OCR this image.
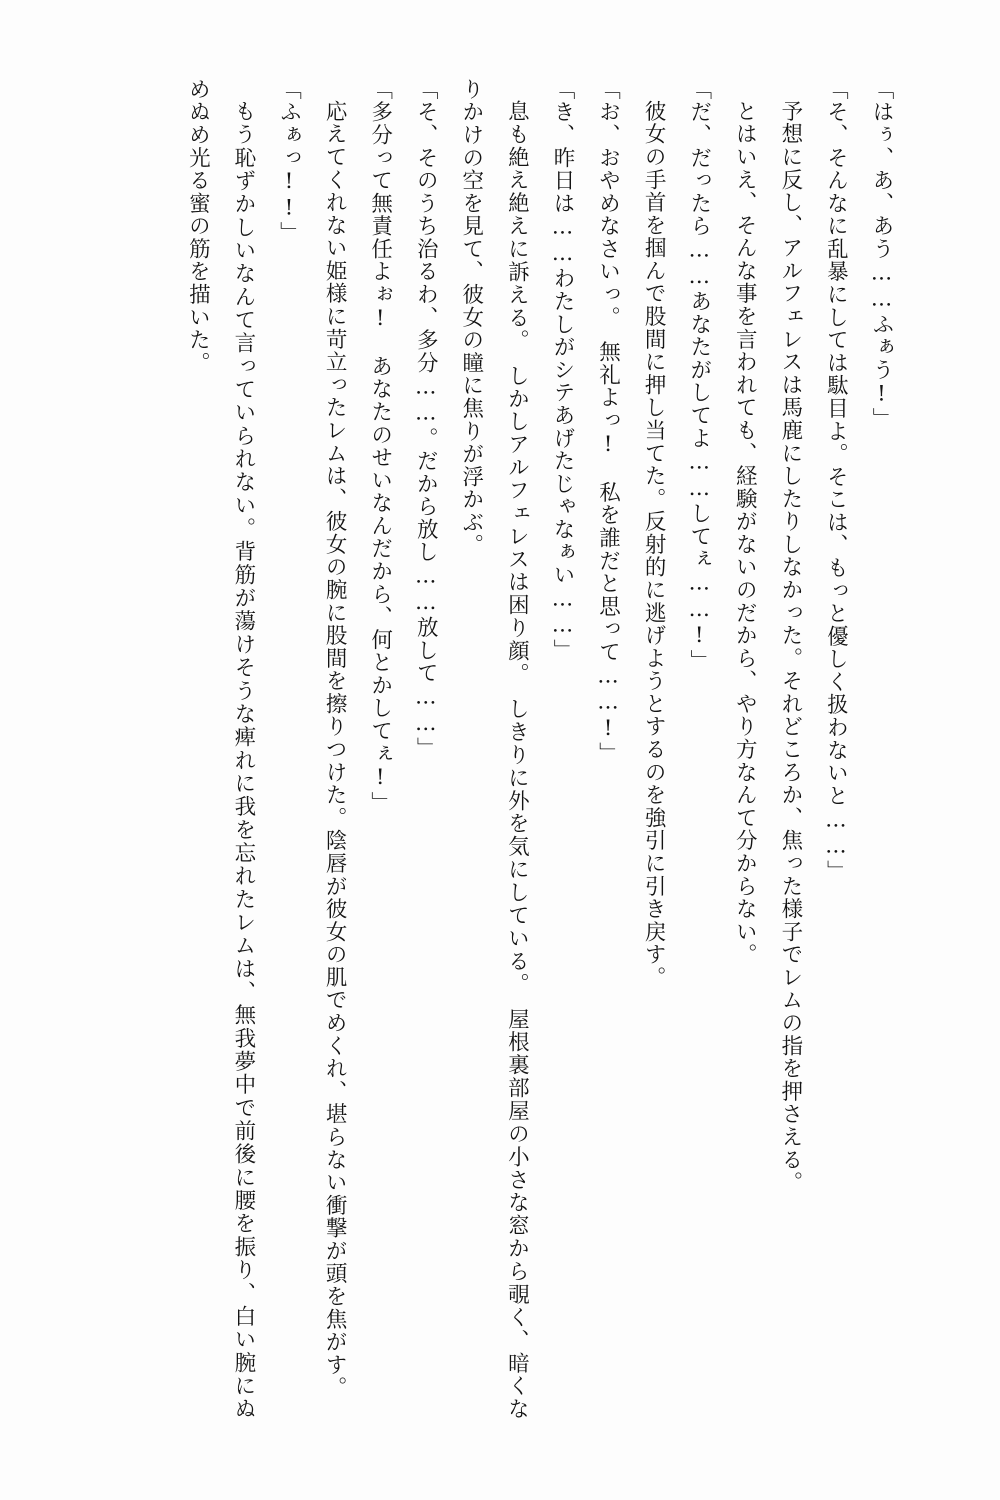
「はぅ、あ、あう……ふぁう!」

「そ、そんなに乱暴にしては駄目よ。そこは、もっと優しく扱わないと……」

予想に反し、アルフェレスは馬鹿にしたりしなかった。それどころか、焦った様子でレムの指を押さえる。

とはいえ、そんな事を言われても、経験がないのだから、やり方なんて分からない。

「だ、だったら……あなたがしてよ……してぇ……!」

彼女の手首を掴んで股間に押し当てた。反射的に逃げようとするのを強引に引き戻す。

「お、おやめなさいっ。　無礼よっ!　私を誰だと思って……!」

「き、昨日は……わたしがシテあげたじゃなぁい……」

息も絶え絶えに訴える。　しかしアルフェレスは困り顔。　しきりに外を気にしている。　屋根裏部屋の小さな窓から覗く、暗くなりかけの空を見て、彼女の瞳に焦りが浮かぶ。

「そ、そのうち治るわ、多分……。だから放し……放して……」

「多分って無責任よぉ!　あなたのせいなんだから、何とかしてぇ!」

応えてくれない姫様に苛立ったレムは、彼女の腕に股間を擦りつけた。陰唇が彼女の肌でめくれ、堪らない衝撃が頭を焦がす。

「ふぁっ!!」

もう恥ずかしいなんて言っていられない。背筋が蕩けそうな痺れに我を忘れたレムは、無我夢中で前後に腰を振り、白い腕にぬめぬめ光る蜜の筋を描いた。
